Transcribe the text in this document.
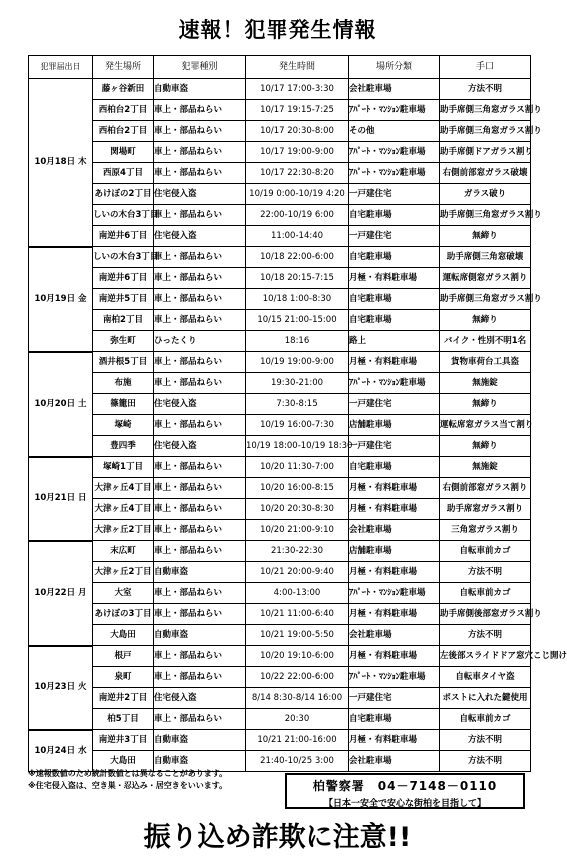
速報！犯罪発生情報
犯罪届出日	発生場所	犯罪種別	発生時間	場所分類	手口
10月18日 木	藤ヶ谷新田	自動車盗	10/17 17:00-3:30	会社駐車場	方法不明
	西柏台2丁目	車上・部品ねらい	10/17 19:15-7:25	ｱﾊﾟｰﾄ・ﾏﾝｼｮﾝ駐車場	助手席側三角窓ガラス割り
	西柏台2丁目	車上・部品ねらい	10/17 20:30-8:00	その他	助手席側三角窓ガラス割り
	関場町	車上・部品ねらい	10/17 19:00-9:00	ｱﾊﾟｰﾄ・ﾏﾝｼｮﾝ駐車場	助手席側ドアガラス割り
	西原4丁目	車上・部品ねらい	10/17 22:30-8:20	ｱﾊﾟｰﾄ・ﾏﾝｼｮﾝ駐車場	右側前部窓ガラス破壊
	あけぼの2丁目	住宅侵入盗	10/19 0:00-10/19 4:20	一戸建住宅	ガラス破り
	しいの木台3丁目	車上・部品ねらい	22:00-10/19 6:00	自宅駐車場	助手席側三角窓ガラス割り
	南逆井6丁目	住宅侵入盗	11:00-14:40	一戸建住宅	無締り
10月19日 金	しいの木台3丁目	車上・部品ねらい	10/18 22:00-6:00	自宅駐車場	助手席側三角窓破壊
	南逆井6丁目	車上・部品ねらい	10/18 20:15-7:15	月極・有料駐車場	運転席側窓ガラス割り
	南逆井5丁目	車上・部品ねらい	10/18 1:00-8:30	自宅駐車場	助手席側三角窓ガラス割り
	南柏2丁目	車上・部品ねらい	10/15 21:00-15:00	自宅駐車場	無締り
	弥生町	ひったくり	18:16	路上	バイク・性別不明1名
10月20日 土	酒井根5丁目	車上・部品ねらい	10/19 19:00-9:00	月極・有料駐車場	貨物車荷台工具盗
	布施	車上・部品ねらい	19:30-21:00	ｱﾊﾟｰﾄ・ﾏﾝｼｮﾝ駐車場	無施錠
	篠籠田	住宅侵入盗	7:30-8:15	一戸建住宅	無締り
	塚崎	車上・部品ねらい	10/19 16:00-7:30	店舗駐車場	運転席窓ガラス当て割り
	豊四季	住宅侵入盗	10/19 18:00-10/19 18:30	一戸建住宅	無締り
10月21日 日	塚崎1丁目	車上・部品ねらい	10/20 11:30-7:00	自宅駐車場	無施錠
	大津ヶ丘4丁目	車上・部品ねらい	10/20 16:00-8:15	月極・有料駐車場	右側前部窓ガラス割り
	大津ヶ丘4丁目	車上・部品ねらい	10/20 20:30-8:30	月極・有料駐車場	助手席窓ガラス割り
	大津ヶ丘2丁目	車上・部品ねらい	10/20 21:00-9:10	会社駐車場	三角窓ガラス割り
10月22日 月	末広町	車上・部品ねらい	21:30-22:30	店舗駐車場	自転車前カゴ
	大津ヶ丘2丁目	自動車盗	10/21 20:00-9:40	月極・有料駐車場	方法不明
	大室	車上・部品ねらい	4:00-13:00	ｱﾊﾟｰﾄ・ﾏﾝｼｮﾝ駐車場	自転車前カゴ
	あけぼの3丁目	車上・部品ねらい	10/21 11:00-6:40	月極・有料駐車場	助手席側後部窓ガラス割り
	大島田	自動車盗	10/21 19:00-5:50	会社駐車場	方法不明
10月23日 火	根戸	車上・部品ねらい	10/20 19:10-6:00	月極・有料駐車場	左後部スライドドア窓穴こじ開け
	泉町	車上・部品ねらい	10/22 22:00-6:00	ｱﾊﾟｰﾄ・ﾏﾝｼｮﾝ駐車場	自転車タイヤ盗
	南逆井2丁目	住宅侵入盗	8/14 8:30-8/14 16:00	一戸建住宅	ポストに入れた鍵使用
	柏5丁目	車上・部品ねらい	20:30	自宅駐車場	自転車前カゴ
10月24日 水	南逆井3丁目	自動車盗	10/21 21:00-16:00	月極・有料駐車場	方法不明
	大島田	自動車盗	21:40-10/25 3:00	会社駐車場	方法不明
※速報数値のため統計数値とは異なることがあります。
※住宅侵入盗は、空き巣・忍込み・居空きをいいます。	柏警察署　04－7148－0110
【日本一安全で安心な街柏を目指して】
振り込め詐欺に注意!!
